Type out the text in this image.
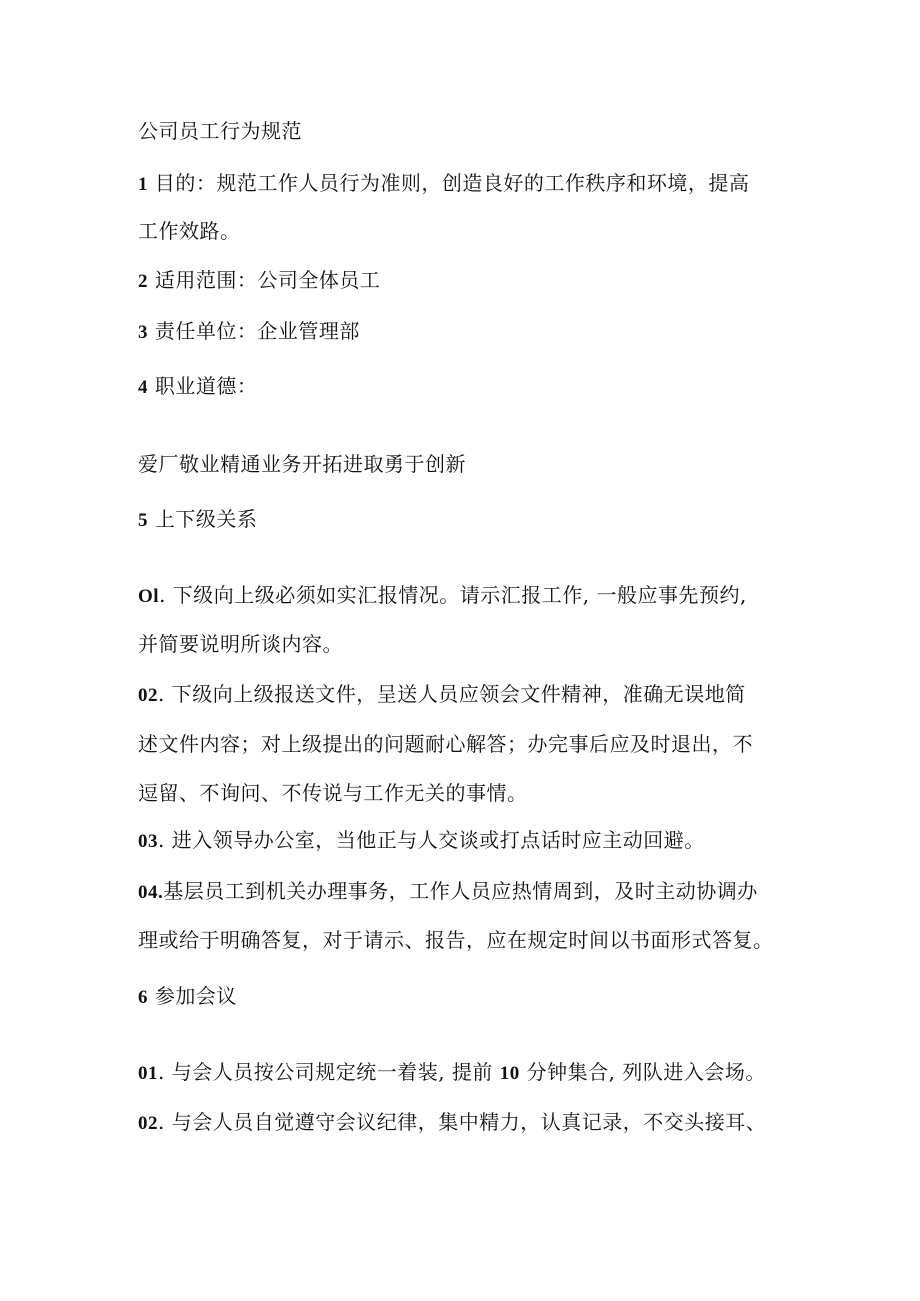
公司员工行为规范

1 目的：规范工作人员行为准则，创造良好的工作秩序和环境，提高

工作效路。

2 适用范围：公司全体员工

3 责任单位：企业管理部

4 职业道德：

爱厂敬业精通业务开拓进取勇于创新

5 上下级关系

Ol. 下级向上级必须如实汇报情况。请示汇报工作, 一般应事先预约,

并简要说明所谈内容。

02. 下级向上级报送文件，呈送人员应领会文件精神，准确无误地简

述文件内容；对上级提出的问题耐心解答；办完事后应及时退出，不

逗留、不询问、不传说与工作无关的事情。

03. 进入领导办公室，当他正与人交谈或打点话时应主动回避。

04.基层员工到机关办理事务，工作人员应热情周到，及时主动协调办

理或给于明确答复，对于请示、报告，应在规定时间以书面形式答复。

6 参加会议

01. 与会人员按公司规定统一着装, 提前 10 分钟集合, 列队进入会场。

02. 与会人员自觉遵守会议纪律，集中精力，认真记录，不交头接耳、
